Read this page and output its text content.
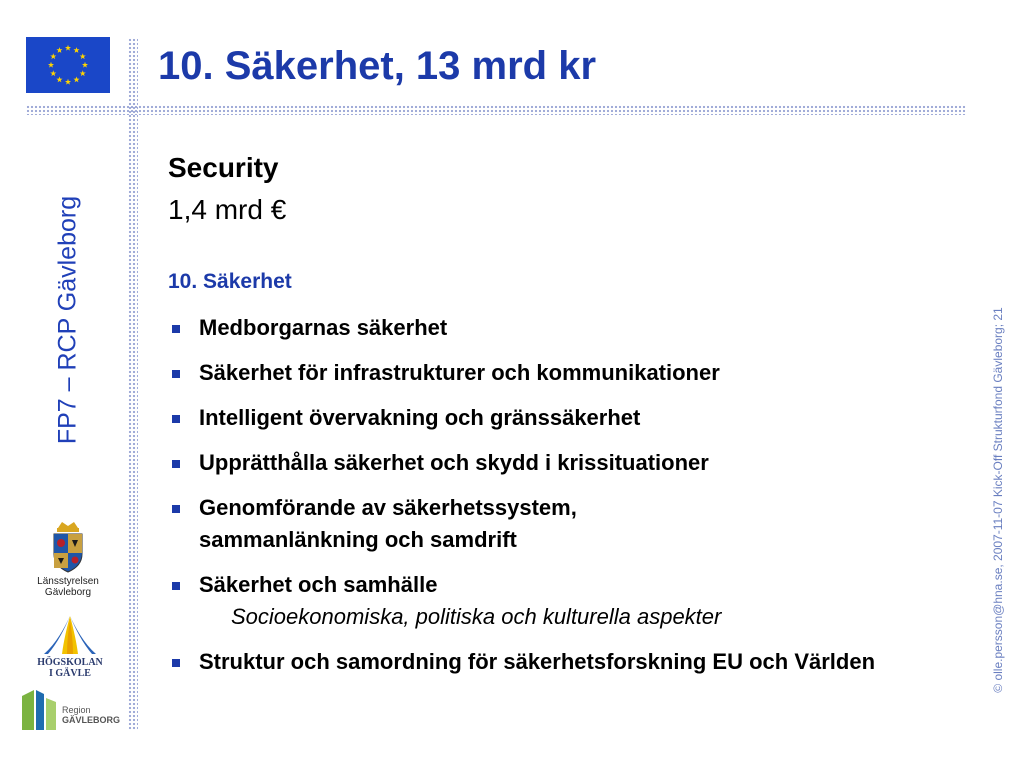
10. Säkerhet, 13 mrd kr
FP7 – RCP Gävleborg
Länsstyrelsen
Gävleborg
HÖGSKOLAN
I GÄVLE
Region
GÄVLEBORG
Security
1,4 mrd €
10. Säkerhet
Medborgarnas säkerhet
Säkerhet för infrastrukturer och kommunikationer
Intelligent övervakning och gränssäkerhet
Upprätthålla säkerhet och skydd i krissituationer
Genomförande av säkerhetssystem, sammanlänkning och samdrift
Säkerhet och samhälle
Socioekonomiska, politiska och kulturella aspekter
Struktur och samordning för säkerhetsforskning EU och Världen	© olle.persson@hna.se, 2007-11-07 Kick-Off Strukturfond Gävleborg; 21
